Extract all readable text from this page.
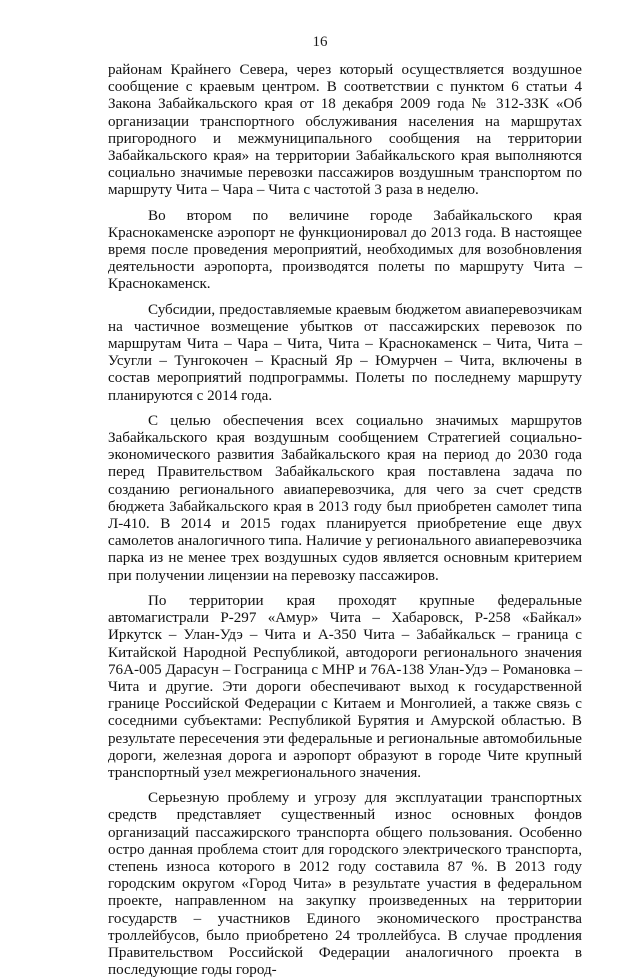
16

районам Крайнего Севера, через который осуществляется воздушное сообщение с краевым центром. В соответствии с пунктом 6 статьи 4 Закона Забайкальского края от 18 декабря 2009 года № 312-ЗЗК «Об организации транспортного обслуживания населения на маршрутах пригородного и межмуниципального сообщения на территории Забайкальского края» на территории Забайкальского края выполняются социально значимые перевозки пассажиров воздушным транспортом по маршруту Чита – Чара – Чита с частотой 3 раза в неделю.

Во втором по величине городе Забайкальского края Краснокаменске аэропорт не функционировал до 2013 года. В настоящее время после проведения мероприятий, необходимых для возобновления деятельности аэропорта, производятся полеты по маршруту Чита – Краснокаменск.

Субсидии, предоставляемые краевым бюджетом авиаперевозчикам на частичное возмещение убытков от пассажирских перевозок по маршрутам Чита – Чара – Чита, Чита – Краснокаменск – Чита, Чита – Усугли – Тунгокочен – Красный Яр – Юмурчен – Чита, включены в состав мероприятий подпрограммы. Полеты по последнему маршруту планируются с 2014 года.

С целью обеспечения всех социально значимых маршрутов Забайкальского края воздушным сообщением Стратегией социально-экономического развития Забайкальского края на период до 2030 года перед Правительством Забайкальского края поставлена задача по созданию регионального авиаперевозчика, для чего за счет средств бюджета Забайкальского края в 2013 году был приобретен самолет типа Л-410. В 2014 и 2015 годах планируется приобретение еще двух самолетов аналогичного типа. Наличие у регионального авиаперевозчика парка из не менее трех воздушных судов является основным критерием при получении лицензии на перевозку пассажиров.

По территории края проходят крупные федеральные автомагистрали Р-297 «Амур» Чита – Хабаровск, Р-258 «Байкал» Иркутск – Улан-Удэ – Чита и А-350 Чита – Забайкальск – граница с Китайской Народной Республикой, автодороги регионального значения 76А-005 Дарасун – Госграница с МНР и 76А-138 Улан-Удэ – Романовка – Чита и другие. Эти дороги обеспечивают выход к государственной границе Российской Федерации с Китаем и Монголией, а также связь с соседними субъектами: Республикой Бурятия и Амурской областью. В результате пересечения эти федеральные и региональные автомобильные дороги, железная дорога и аэропорт образуют в городе Чите крупный транспортный узел межрегионального значения.

Серьезную проблему и угрозу для эксплуатации транспортных средств представляет существенный износ основных фондов организаций пассажирского транспорта общего пользования. Особенно остро данная проблема стоит для городского электрического транспорта, степень износа которого в 2012 году составила 87 %. В 2013 году городским округом «Город Чита» в результате участия в федеральном проекте, направленном на закупку произведенных на территории государств – участников Единого экономического пространства троллейбусов, было приобретено 24 троллейбуса. В случае продления Правительством Российской Федерации аналогичного проекта в последующие годы город-
